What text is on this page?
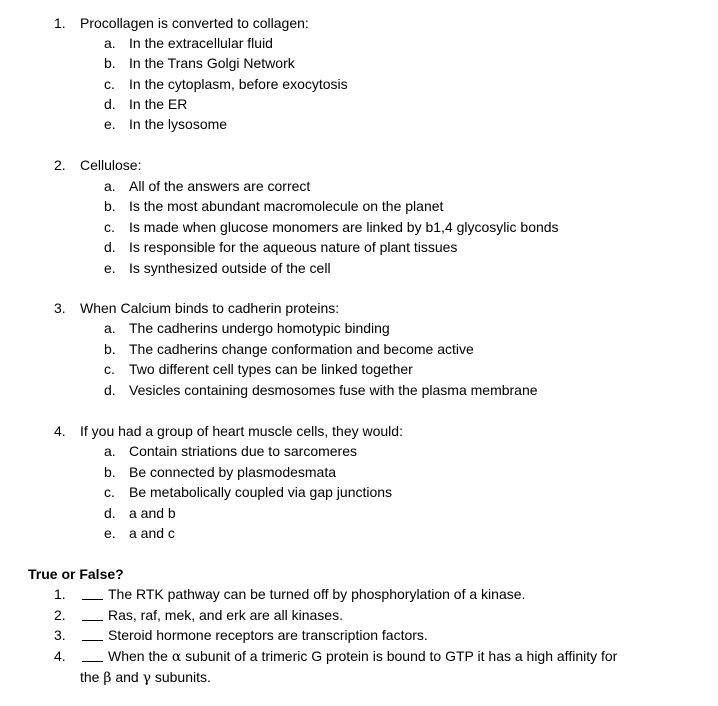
1.	Procollagen is converted to collagen:
a. In the extracellular fluid
b. In the Trans Golgi Network
c.	In the cytoplasm, before exocytosis
d. In the ER
e. In the lysosome
2.	Cellulose:
a. All of the answers are correct
b. Is the most abundant macromolecule on the planet
c.	Is made when glucose monomers are linked by b1,4 glycosylic bonds
d. Is responsible for the aqueous nature of plant tissues
e. Is synthesized outside of the cell
3.	When Calcium binds to cadherin proteins:
a. The cadherins undergo homotypic binding
b. The cadherins change conformation and become active
c.	Two different cell types can be linked together
d. Vesicles containing desmosomes fuse with the plasma membrane
4.	If you had a group of heart muscle cells, they would:
a. Contain striations due to sarcomeres
b. Be connected by plasmodesmata
c.	Be metabolically coupled via gap junctions
d. a and b
e. a and c
True or False?
1.	The RTK pathway can be turned off by phosphorylation of a kinase.
2.	Ras, raf, mek, and erk are all kinases.
3.	Steroid hormone receptors are transcription factors.
4.	When the α subunit of a trimeric G protein is bound to GTP it has a high affinity for
the β and γ subunits.
